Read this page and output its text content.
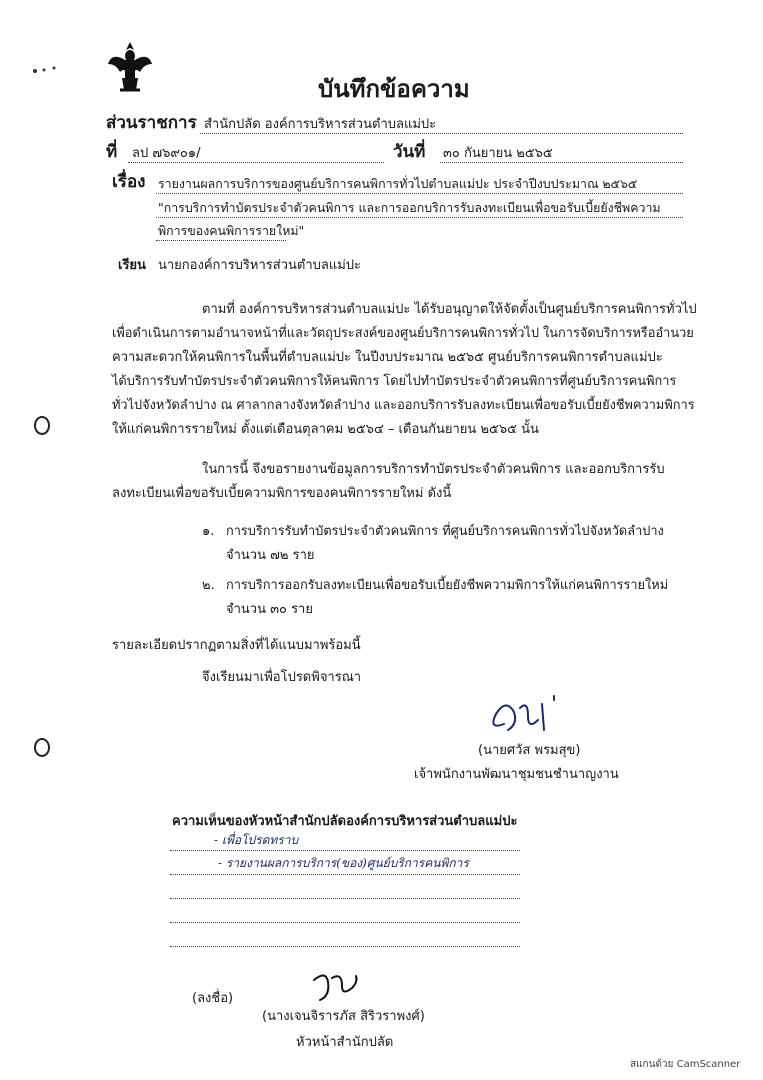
บันทึกข้อความ
ส่วนราชการ สำนักปลัด องค์การบริหารส่วนตำบลแม่ปะ
ที่ ลป ๗๖๙๐๑/	วันที่ ๓๐ กันยายน ๒๕๖๕
เรื่อง รายงานผลการบริการของศูนย์บริการคนพิการทั่วไปตำบลแม่ปะ ประจำปีงบประมาณ ๒๕๖๕
"การบริการทำบัตรประจำตัวคนพิการ และการออกบริการรับลงทะเบียนเพื่อขอรับเบี้ยยังชีพความ
พิการของคนพิการรายใหม่"
เรียน นายกองค์การบริหารส่วนตำบลแม่ปะ
ตามที่ องค์การบริหารส่วนตำบลแม่ปะ ได้รับอนุญาตให้จัดตั้งเป็นศูนย์บริการคนพิการทั่วไป
เพื่อดำเนินการตามอำนาจหน้าที่และวัตถุประสงค์ของศูนย์บริการคนพิการทั่วไป ในการจัดบริการหรืออำนวย
ความสะดวกให้คนพิการในพื้นที่ตำบลแม่ปะ ในปีงบประมาณ ๒๕๖๕ ศูนย์บริการคนพิการตำบลแม่ปะ
ได้บริการรับทำบัตรประจำตัวคนพิการให้คนพิการ โดยไปทำบัตรประจำตัวคนพิการที่ศูนย์บริการคนพิการ
ทั่วไปจังหวัดลำปาง ณ ศาลากลางจังหวัดลำปาง และออกบริการรับลงทะเบียนเพื่อขอรับเบี้ยยังชีพความพิการ
ให้แก่คนพิการรายใหม่ ตั้งแต่เดือนตุลาคม ๒๕๖๔ – เดือนกันยายน ๒๕๖๕ นั้น
ในการนี้ จึงขอรายงานข้อมูลการบริการทำบัตรประจำตัวคนพิการ และออกบริการรับ
ลงทะเบียนเพื่อขอรับเบี้ยความพิการของคนพิการรายใหม่ ดังนี้
๑. การบริการรับทำบัตรประจำตัวคนพิการ ที่ศูนย์บริการคนพิการทั่วไปจังหวัดลำปาง
จำนวน ๗๒ ราย
๒. การบริการออกรับลงทะเบียนเพื่อขอรับเบี้ยยังชีพความพิการให้แก่คนพิการรายใหม่
จำนวน ๓๐ ราย
รายละเอียดปรากฏตามสิ่งที่ได้แนบมาพร้อมนี้
จึงเรียนมาเพื่อโปรดพิจารณา
(นายศวัส พรมสุข)
เจ้าพนักงานพัฒนาชุมชนชำนาญงาน
ความเห็นของหัวหน้าสำนักปลัดองค์การบริหารส่วนตำบลแม่ปะ
- เพื่อโปรดทราบ
- รายงานผลการบริการ(ของ)ศูนย์บริการคนพิการ
(ลงชื่อ)
(นางเจนจิรารภัส สิริวราพงศ์)
หัวหน้าสำนักปลัด
สแกนด้วย CamScanner
